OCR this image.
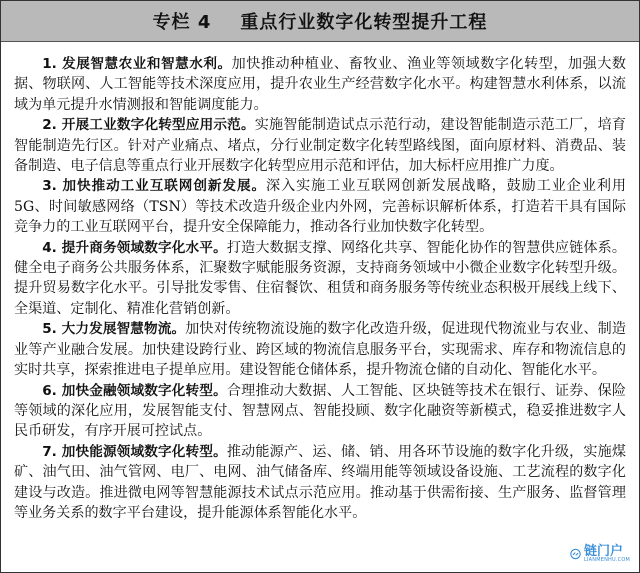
专栏 4    重点行业数字化转型提升工程

1. 发展智慧农业和智慧水利。加快推动种植业、畜牧业、渔业等领域数字化转型，加强大数据、物联网、人工智能等技术深度应用，提升农业生产经营数字化水平。构建智慧水利体系，以流域为单元提升水情测报和智能调度能力。

2. 开展工业数字化转型应用示范。实施智能制造试点示范行动，建设智能制造示范工厂，培育智能制造先行区。针对产业痛点、堵点，分行业制定数字化转型路线图，面向原材料、消费品、装备制造、电子信息等重点行业开展数字化转型应用示范和评估，加大标杆应用推广力度。

3. 加快推动工业互联网创新发展。深入实施工业互联网创新发展战略，鼓励工业企业利用 5G、时间敏感网络（TSN）等技术改造升级企业内外网，完善标识解析体系，打造若干具有国际竞争力的工业互联网平台，提升安全保障能力，推动各行业加快数字化转型。

4. 提升商务领域数字化水平。打造大数据支撑、网络化共享、智能化协作的智慧供应链体系。健全电子商务公共服务体系，汇聚数字赋能服务资源，支持商务领域中小微企业数字化转型升级。提升贸易数字化水平。引导批发零售、住宿餐饮、租赁和商务服务等传统业态积极开展线上线下、全渠道、定制化、精准化营销创新。

5. 大力发展智慧物流。加快对传统物流设施的数字化改造升级，促进现代物流业与农业、制造业等产业融合发展。加快建设跨行业、跨区域的物流信息服务平台，实现需求、库存和物流信息的实时共享，探索推进电子提单应用。建设智能仓储体系，提升物流仓储的自动化、智能化水平。

6. 加快金融领域数字化转型。合理推动大数据、人工智能、区块链等技术在银行、证券、保险等领域的深化应用，发展智能支付、智慧网点、智能投顾、数字化融资等新模式，稳妥推进数字人民币研发，有序开展可控试点。

7. 加快能源领域数字化转型。推动能源产、运、储、销、用各环节设施的数字化升级，实施煤矿、油气田、油气管网、电厂、电网、油气储备库、终端用能等领域设备设施、工艺流程的数字化建设与改造。推进微电网等智慧能源技术试点示范应用。推动基于供需衔接、生产服务、监督管理等业务关系的数字平台建设，提升能源体系智能化水平。

链门户
LIANMENHU.COM
